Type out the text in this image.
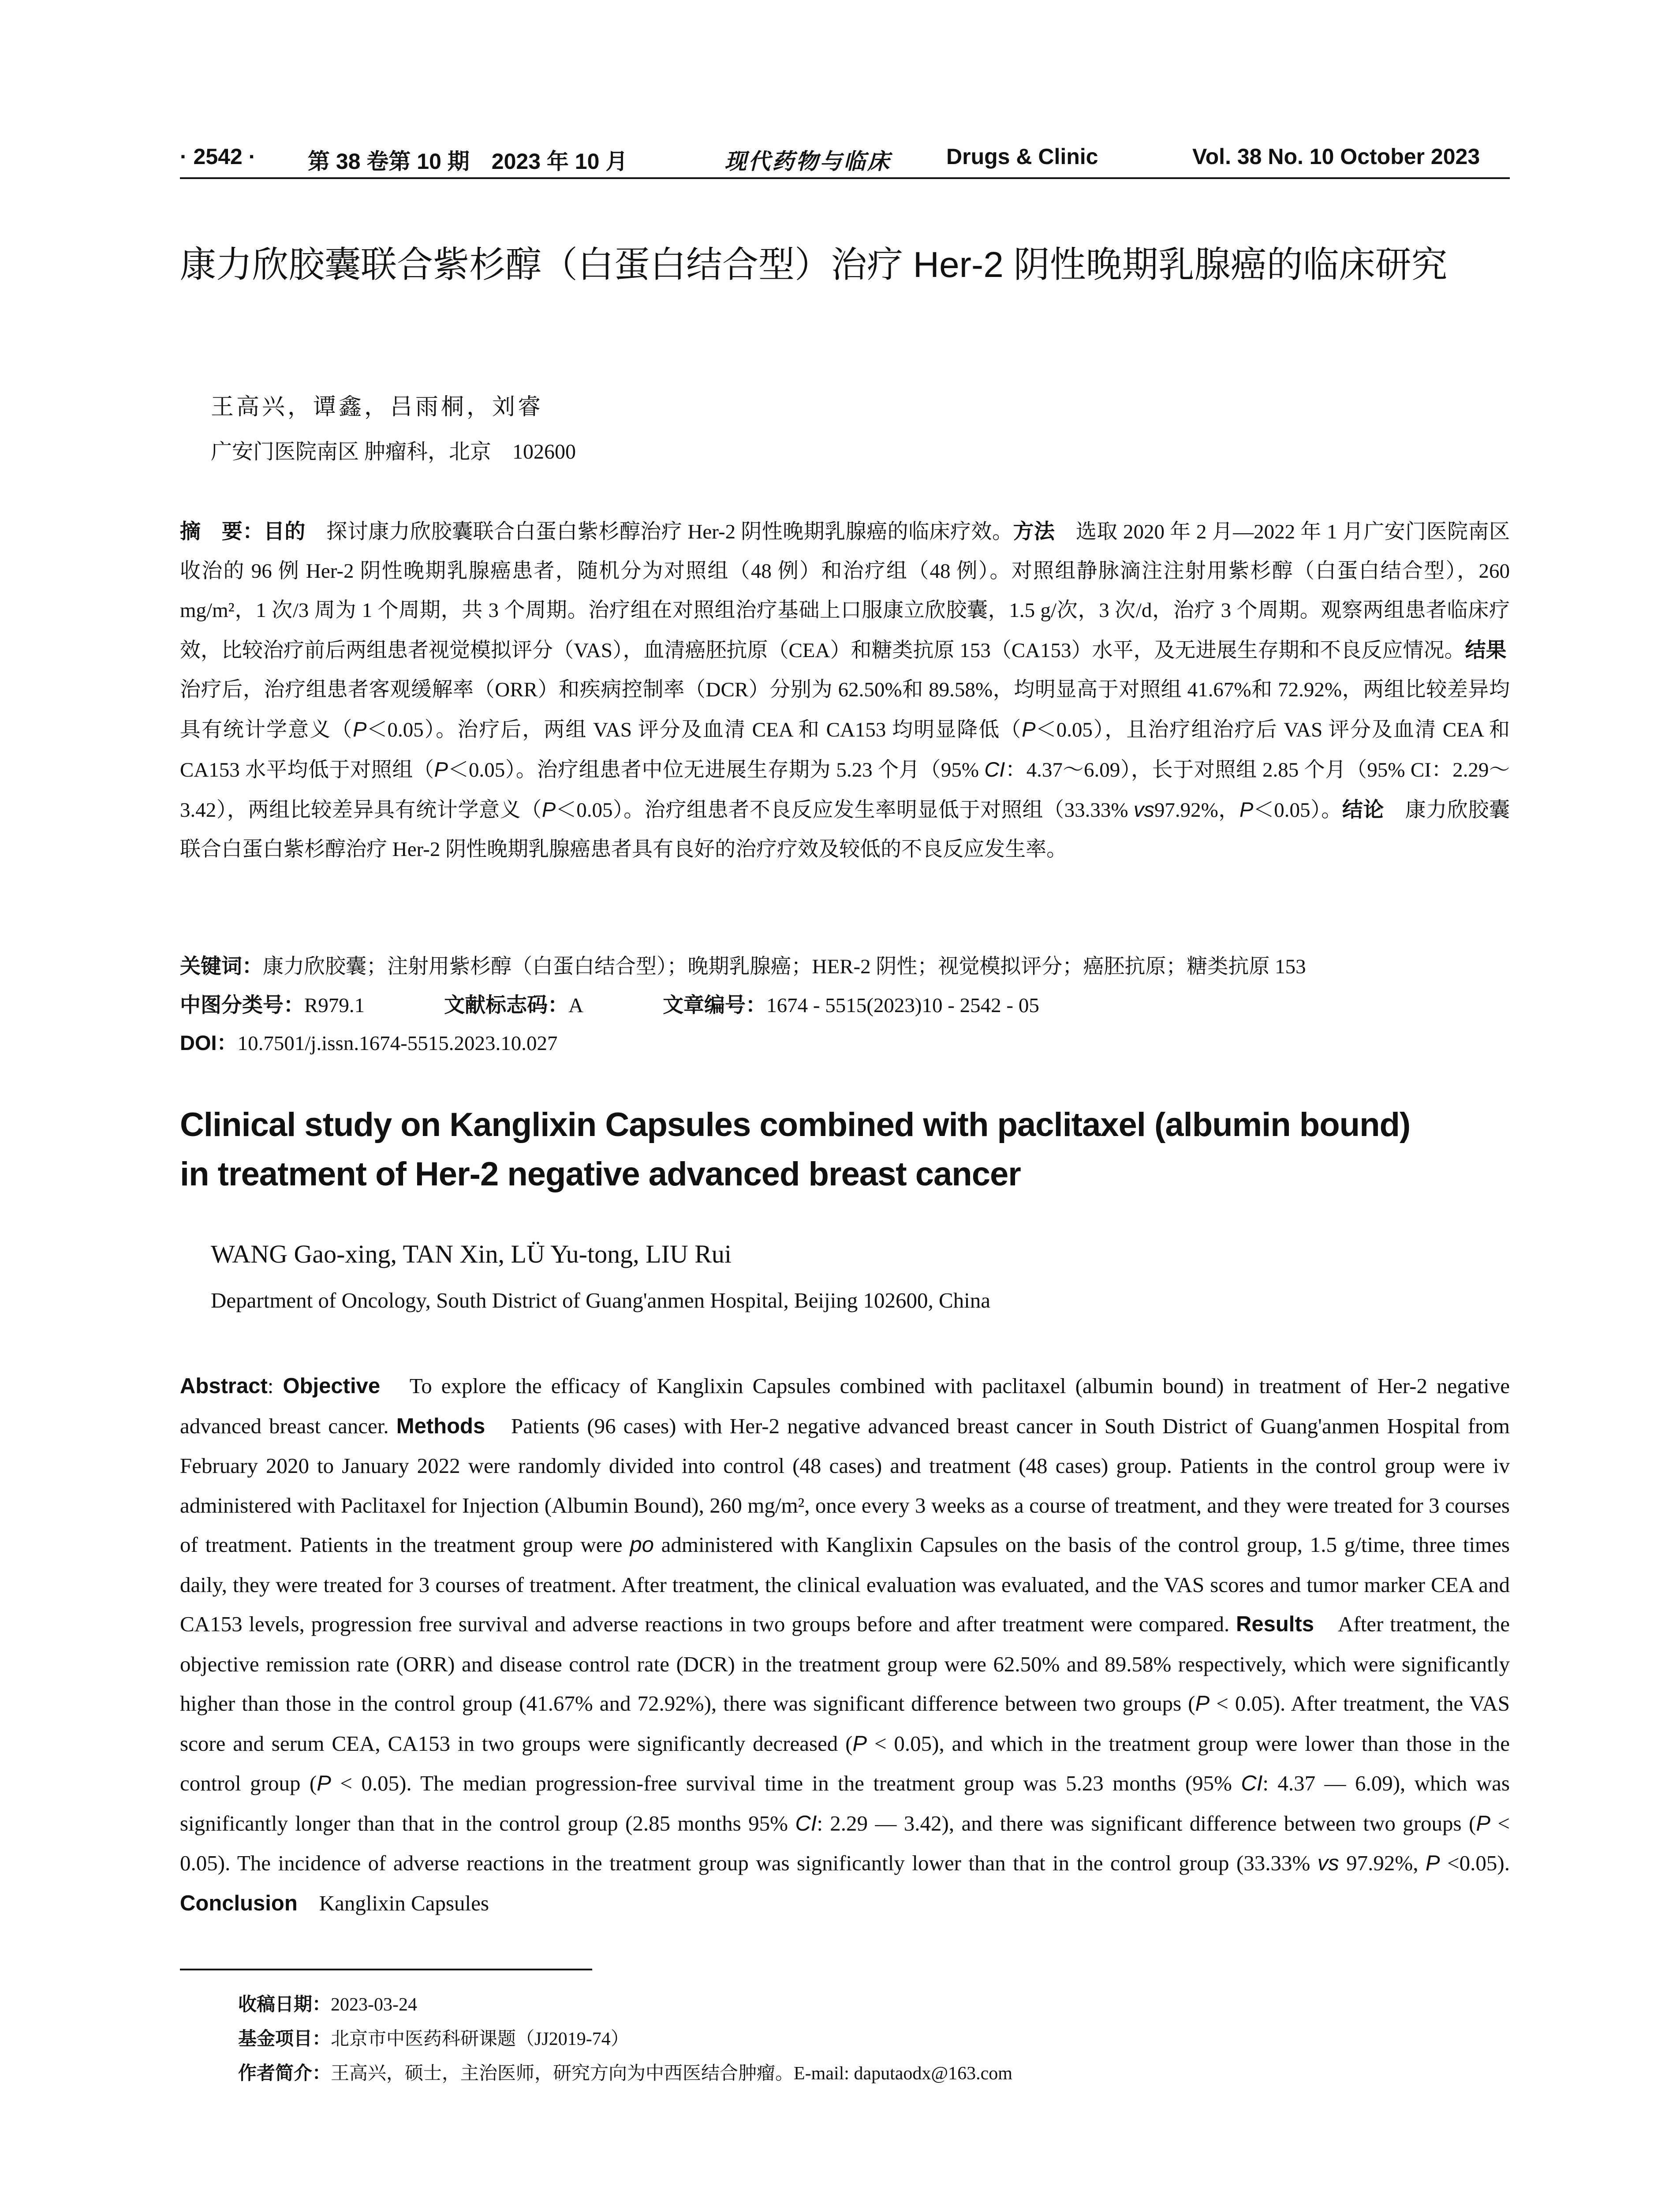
· 2542 · 第 38 卷第 10 期　2023 年 10 月	现代药物与临床	Drugs & Clinic	Vol. 38 No. 10 October 2023
康力欣胶囊联合紫杉醇（白蛋白结合型）治疗 Her-2 阴性晚期乳腺癌的临床研究
王高兴，谭鑫，吕雨桐，刘睿
广安门医院南区 肿瘤科，北京　102600
摘　要：目的　探讨康力欣胶囊联合白蛋白紫杉醇治疗 Her-2 阴性晚期乳腺癌的临床疗效。方法　选取 2020 年 2 月—2022 年 1 月广安门医院南区收治的 96 例 Her-2 阴性晚期乳腺癌患者，随机分为对照组（48 例）和治疗组（48 例）。对照组静脉滴注注射用紫杉醇（白蛋白结合型），260 mg/m²，1 次/3 周为 1 个周期，共 3 个周期。治疗组在对照组治疗基础上口服康立欣胶囊，1.5 g/次，3 次/d，治疗 3 个周期。观察两组患者临床疗效，比较治疗前后两组患者视觉模拟评分（VAS），血清癌胚抗原（CEA）和糖类抗原 153（CA153）水平，及无进展生存期和不良反应情况。结果　治疗后，治疗组患者客观缓解率（ORR）和疾病控制率（DCR）分别为 62.50%和 89.58%，均明显高于对照组 41.67%和 72.92%，两组比较差异均具有统计学意义（P＜0.05）。治疗后，两组 VAS 评分及血清 CEA 和 CA153 均明显降低（P＜0.05），且治疗组治疗后 VAS 评分及血清 CEA 和 CA153 水平均低于对照组（P＜0.05）。治疗组患者中位无进展生存期为 5.23 个月（95% CI：4.37～6.09），长于对照组 2.85 个月（95% CI：2.29～3.42），两组比较差异具有统计学意义（P＜0.05）。治疗组患者不良反应发生率明显低于对照组（33.33% vs97.92%，P＜0.05）。结论　康力欣胶囊联合白蛋白紫杉醇治疗 Her-2 阴性晚期乳腺癌患者具有良好的治疗疗效及较低的不良反应发生率。
关键词：康力欣胶囊；注射用紫杉醇（白蛋白结合型）；晚期乳腺癌；HER-2 阴性；视觉模拟评分；癌胚抗原；糖类抗原 153
中图分类号：R979.1	文献标志码：A	文章编号：1674 - 5515(2023)10 - 2542 - 05
DOI：10.7501/j.issn.1674-5515.2023.10.027
Clinical study on Kanglixin Capsules combined with paclitaxel (albumin bound)
in treatment of Her-2 negative advanced breast cancer
WANG Gao-xing, TAN Xin, LÜ Yu-tong, LIU Rui
Department of Oncology, South District of Guang'anmen Hospital, Beijing 102600, China
Abstract: Objective　To explore the efficacy of Kanglixin Capsules combined with paclitaxel (albumin bound) in treatment of Her-2 negative advanced breast cancer. Methods　Patients (96 cases) with Her-2 negative advanced breast cancer in South District of Guang'anmen Hospital from February 2020 to January 2022 were randomly divided into control (48 cases) and treatment (48 cases) group. Patients in the control group were iv administered with Paclitaxel for Injection (Albumin Bound), 260 mg/m², once every 3 weeks as a course of treatment, and they were treated for 3 courses of treatment. Patients in the treatment group were po administered with Kanglixin Capsules on the basis of the control group, 1.5 g/time, three times daily, they were treated for 3 courses of treatment. After treatment, the clinical evaluation was evaluated, and the VAS scores and tumor marker CEA and CA153 levels, progression free survival and adverse reactions in two groups before and after treatment were compared. Results　After treatment, the objective remission rate (ORR) and disease control rate (DCR) in the treatment group were 62.50% and 89.58% respectively, which were significantly higher than those in the control group (41.67% and 72.92%), there was significant difference between two groups (P < 0.05). After treatment, the VAS score and serum CEA, CA153 in two groups were significantly decreased (P < 0.05), and which in the treatment group were lower than those in the control group (P < 0.05). The median progression-free survival time in the treatment group was 5.23 months (95% CI: 4.37 — 6.09), which was significantly longer than that in the control group (2.85 months 95% CI: 2.29 — 3.42), and there was significant difference between two groups (P < 0.05). The incidence of adverse reactions in the treatment group was significantly lower than that in the control group (33.33% vs 97.92%, P <0.05). Conclusion　Kanglixin Capsules
收稿日期：2023-03-24
基金项目：北京市中医药科研课题（JJ2019-74）
作者简介：王高兴，硕士，主治医师，研究方向为中西医结合肿瘤。E-mail: daputaodx@163.com
